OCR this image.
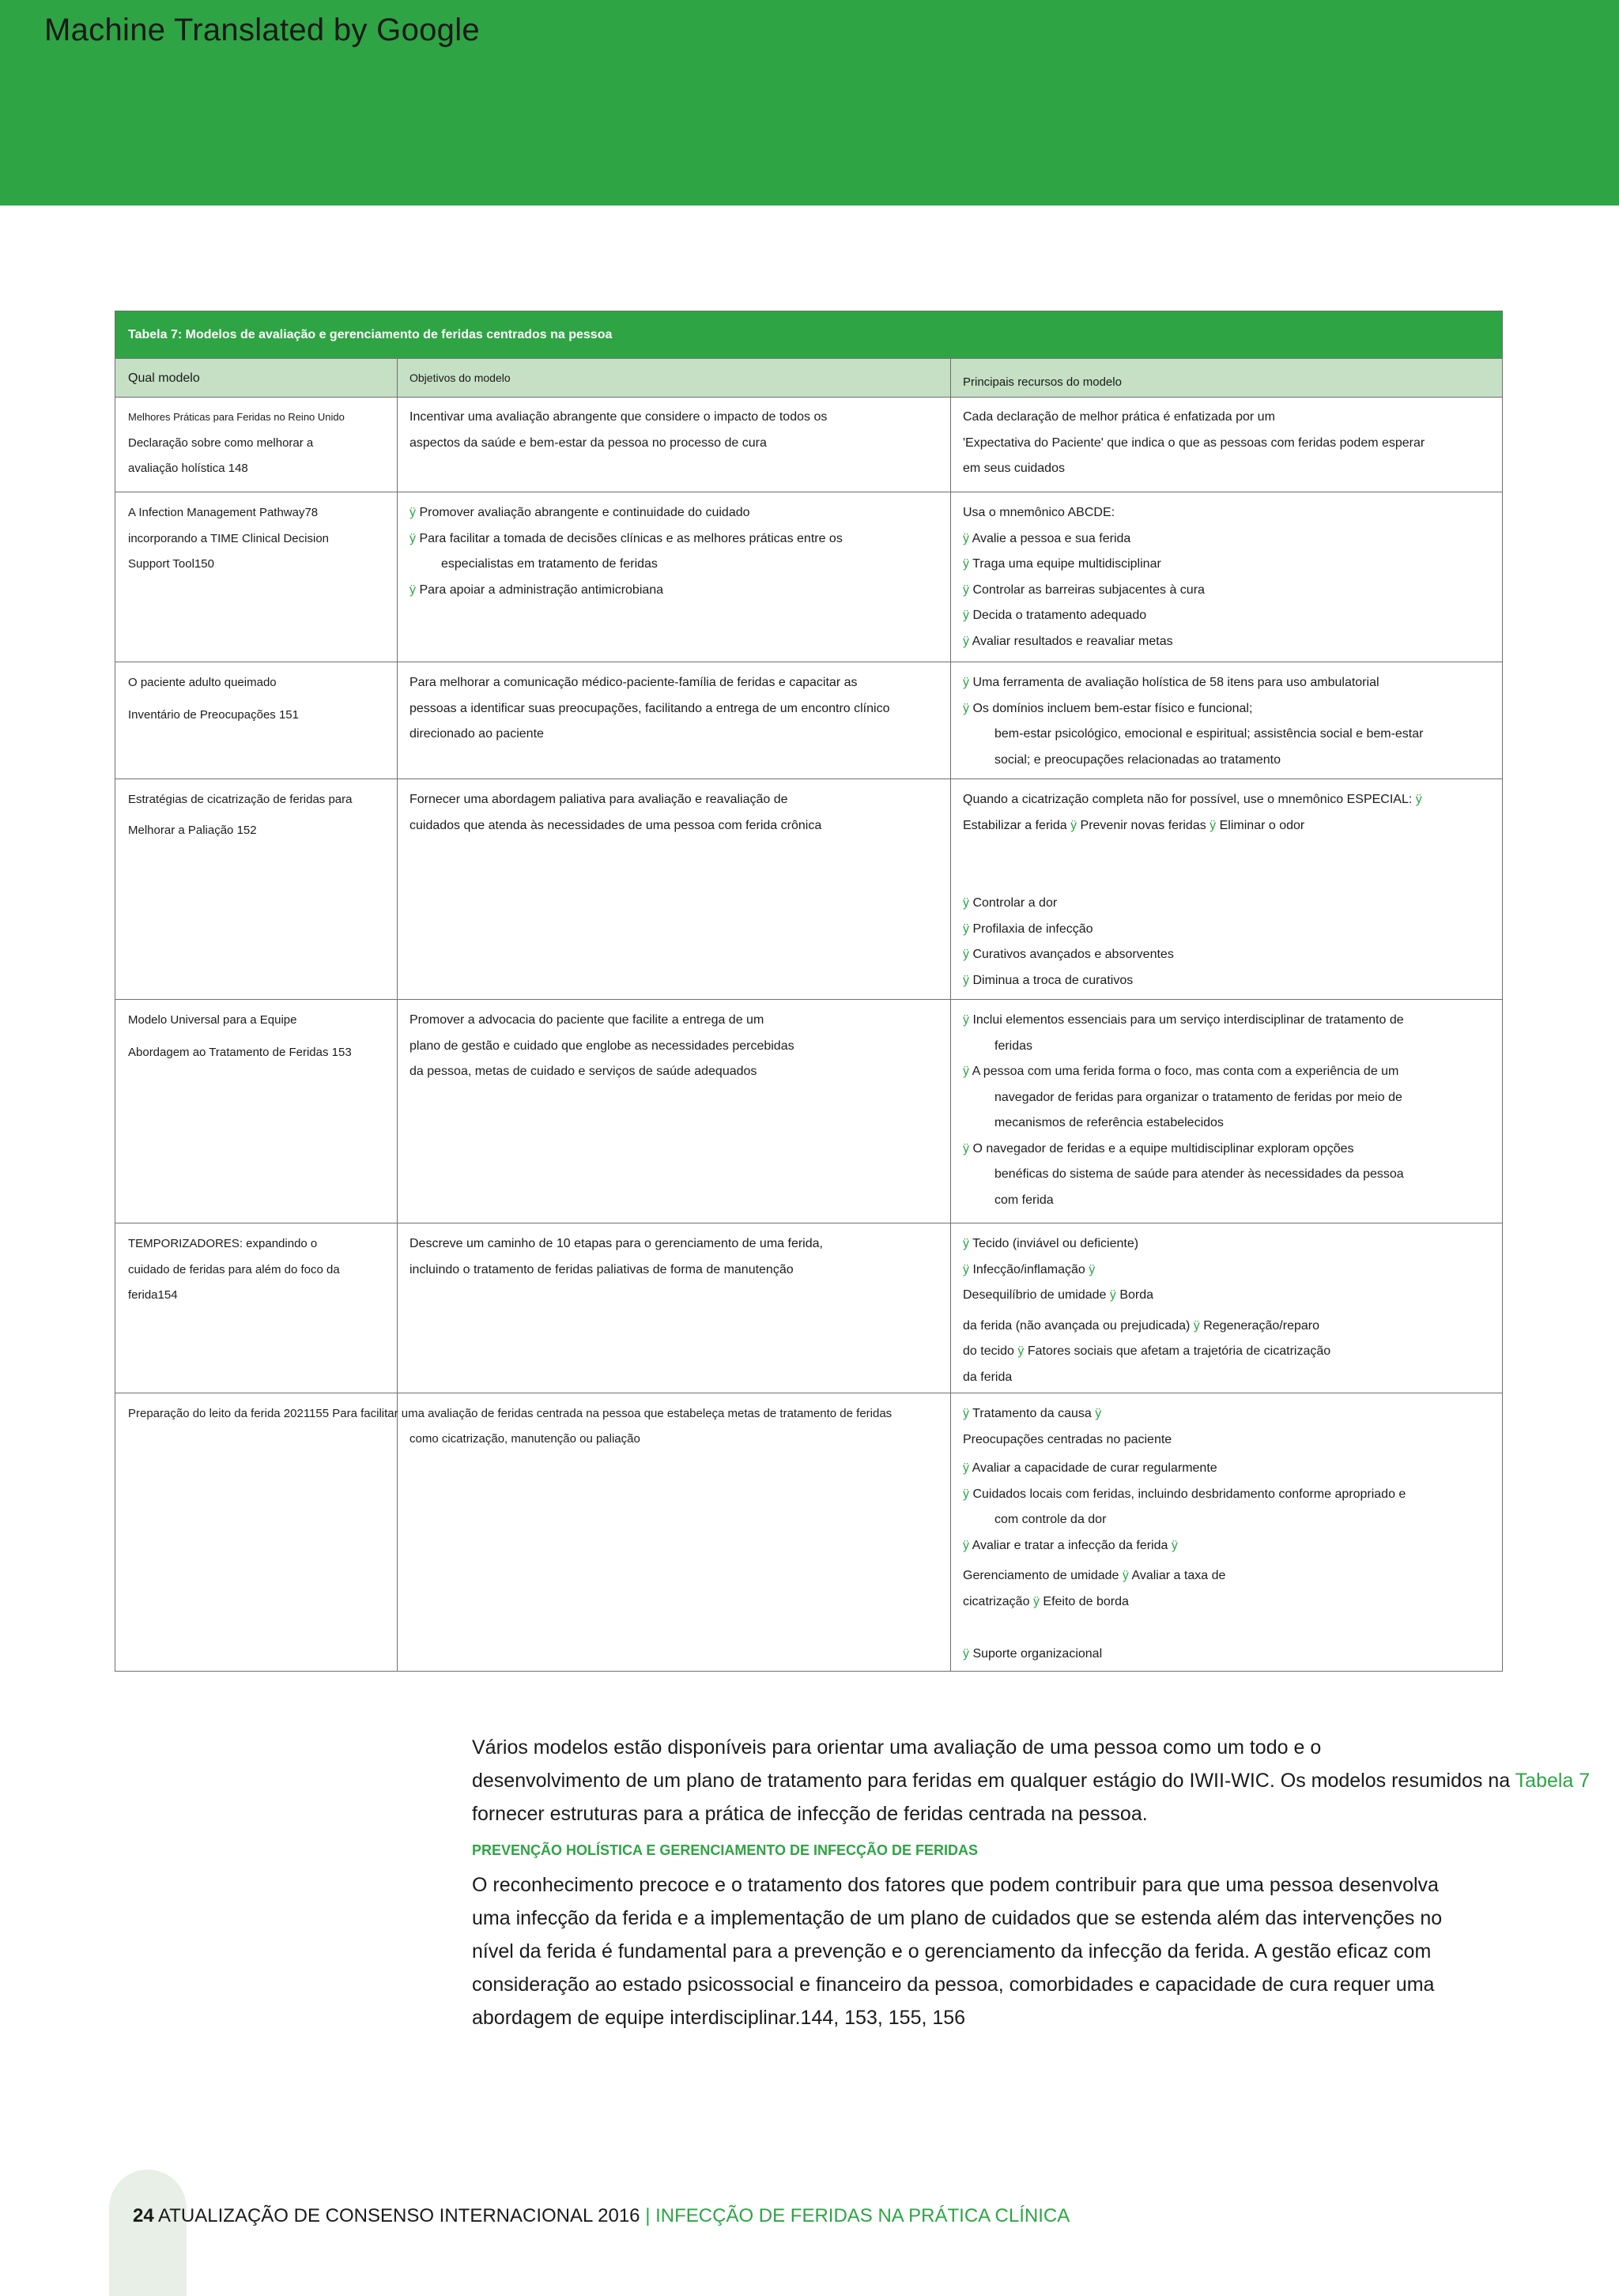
Machine Translated by Google
Tabela 7: Modelos de avaliação e gerenciamento de feridas centrados na pessoa
Qual modelo	Objetivos do modelo	Principais recursos do modelo
Melhores Práticas para Feridas no Reino Unido
Declaração sobre como melhorar a
avaliação holística 148
Incentivar uma avaliação abrangente que considere o impacto de todos os
aspectos da saúde e bem-estar da pessoa no processo de cura
Cada declaração de melhor prática é enfatizada por um
'Expectativa do Paciente' que indica o que as pessoas com feridas podem esperar
em seus cuidados
A Infection Management Pathway78
incorporando a TIME Clinical Decision
Support Tool150
ÿ Promover avaliação abrangente e continuidade do cuidado
ÿ Para facilitar a tomada de decisões clínicas e as melhores práticas entre os
especialistas em tratamento de feridas
ÿ Para apoiar a administração antimicrobiana
Usa o mnemônico ABCDE:
ÿ Avalie a pessoa e sua ferida
ÿ Traga uma equipe multidisciplinar
ÿ Controlar as barreiras subjacentes à cura
ÿ Decida o tratamento adequado
ÿ Avaliar resultados e reavaliar metas
O paciente adulto queimado
Inventário de Preocupações 151
Para melhorar a comunicação médico-paciente-família de feridas e capacitar as
pessoas a identificar suas preocupações, facilitando a entrega de um encontro clínico
direcionado ao paciente
ÿ Uma ferramenta de avaliação holística de 58 itens para uso ambulatorial
ÿ Os domínios incluem bem-estar físico e funcional;
bem-estar psicológico, emocional e espiritual; assistência social e bem-estar
social; e preocupações relacionadas ao tratamento
Estratégias de cicatrização de feridas para
Melhorar a Paliação 152
Fornecer uma abordagem paliativa para avaliação e reavaliação de
cuidados que atenda às necessidades de uma pessoa com ferida crônica
Quando a cicatrização completa não for possível, use o mnemônico ESPECIAL: ÿ
Estabilizar a ferida ÿ Prevenir novas feridas ÿ Eliminar o odor
ÿ Controlar a dor
ÿ Profilaxia de infecção
ÿ Curativos avançados e absorventes
ÿ Diminua a troca de curativos
Modelo Universal para a Equipe
Abordagem ao Tratamento de Feridas 153
Promover a advocacia do paciente que facilite a entrega de um
plano de gestão e cuidado que englobe as necessidades percebidas
da pessoa, metas de cuidado e serviços de saúde adequados
ÿ Inclui elementos essenciais para um serviço interdisciplinar de tratamento de
feridas
ÿ A pessoa com uma ferida forma o foco, mas conta com a experiência de um
navegador de feridas para organizar o tratamento de feridas por meio de
mecanismos de referência estabelecidos
ÿ O navegador de feridas e a equipe multidisciplinar exploram opções
benéficas do sistema de saúde para atender às necessidades da pessoa
com ferida
TEMPORIZADORES: expandindo o
cuidado de feridas para além do foco da
ferida154
Descreve um caminho de 10 etapas para o gerenciamento de uma ferida,
incluindo o tratamento de feridas paliativas de forma de manutenção
ÿ Tecido (inviável ou deficiente)
ÿ Infecção/inflamação ÿ
Desequilíbrio de umidade ÿ Borda
da ferida (não avançada ou prejudicada) ÿ Regeneração/reparo
do tecido ÿ Fatores sociais que afetam a trajetória de cicatrização
da ferida
Preparação do leito da ferida 2021155 Para facilitar uma avaliação de feridas centrada na pessoa que estabeleça metas de tratamento de feridas
como cicatrização, manutenção ou paliação
ÿ Tratamento da causa ÿ
Preocupações centradas no paciente
ÿ Avaliar a capacidade de curar regularmente
ÿ Cuidados locais com feridas, incluindo desbridamento conforme apropriado e
com controle da dor
ÿ Avaliar e tratar a infecção da ferida ÿ
Gerenciamento de umidade ÿ Avaliar a taxa de
cicatrização ÿ Efeito de borda
ÿ Suporte organizacional

Vários modelos estão disponíveis para orientar uma avaliação de uma pessoa como um todo e o
desenvolvimento de um plano de tratamento para feridas em qualquer estágio do IWII-WIC. Os modelos resumidos na Tabela 7
fornecer estruturas para a prática de infecção de feridas centrada na pessoa.

PREVENÇÃO HOLÍSTICA E GERENCIAMENTO DE INFECÇÃO DE FERIDAS

O reconhecimento precoce e o tratamento dos fatores que podem contribuir para que uma pessoa desenvolva
uma infecção da ferida e a implementação de um plano de cuidados que se estenda além das intervenções no
nível da ferida é fundamental para a prevenção e o gerenciamento da infecção da ferida. A gestão eficaz com
consideração ao estado psicossocial e financeiro da pessoa, comorbidades e capacidade de cura requer uma
abordagem de equipe interdisciplinar.144, 153, 155, 156

24 ATUALIZAÇÃO DE CONSENSO INTERNACIONAL 2016 | INFECÇÃO DE FERIDAS NA PRÁTICA CLÍNICA
